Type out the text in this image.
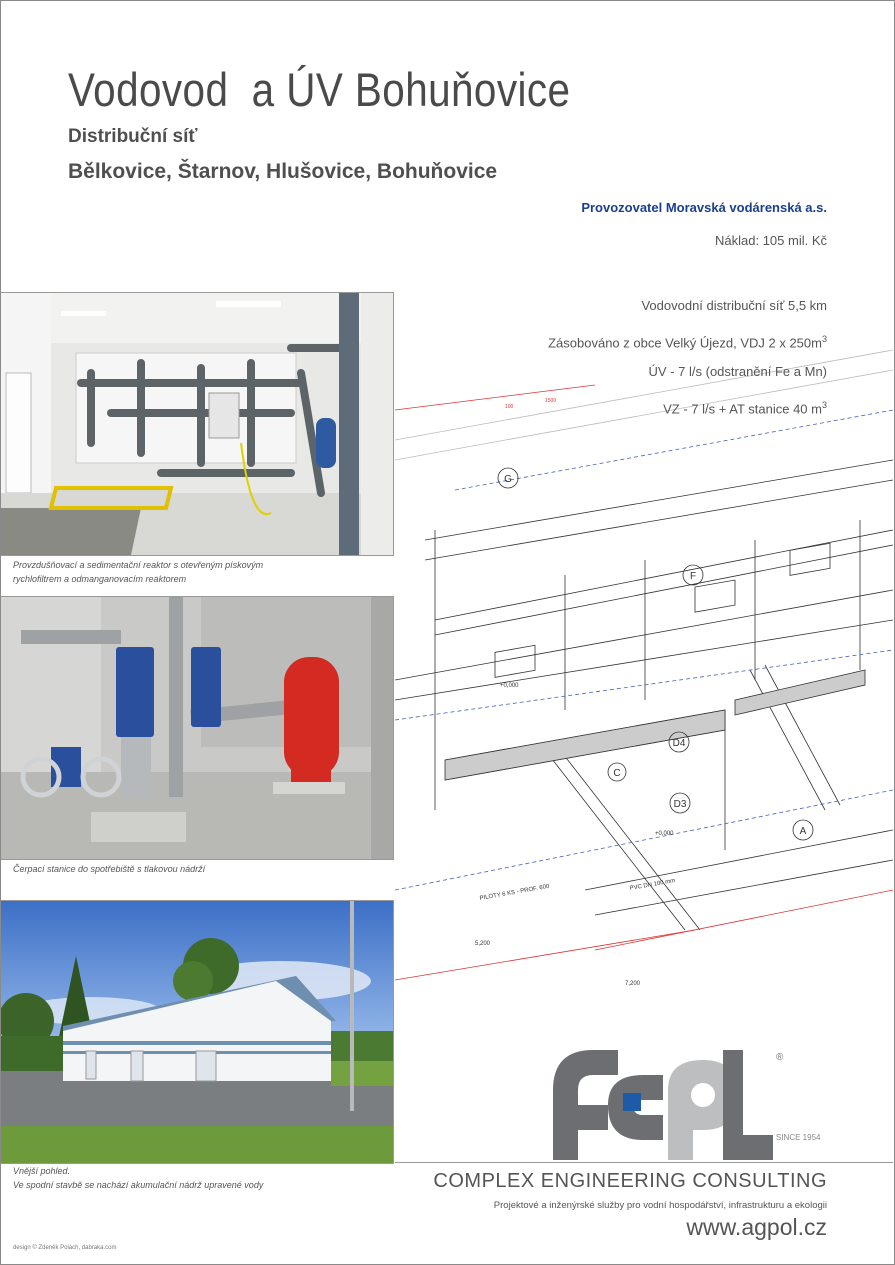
Vodovod  a ÚV Bohuňovice
Distribuční síť
Bělkovice, Štarnov, Hlušovice, Bohuňovice
Provozovatel Moravská vodárenská a.s.
Náklad: 105 mil. Kč
G
F
C
D4
D3
A
PILOTY 6 KS - PROF. 600	PVC DN 100 mm
5,200
7,200
+0,000
+0,000
100
1500
Vodovodní distribuční síť 5,5 km
Zásobováno z obce Velký Újezd, VDJ 2 x $250m^3$
ÚV - 7 l/s (odstranění Fe a Mn)
VZ - 7 l/s + AT stanice 40 $m^3$
Provzdušňovací a sedimentační reaktor s otevřeným pískovým
rychlofiltrem a odmanganovacím reaktorem
Čerpací stanice do spotřebiště s tlakovou nádrží
Vnější pohled.
Ve spodní stavbě se nachází akumulační nádrž upravené vody
®
SINCE 1954
COMPLEX ENGINEERING CONSULTING
Projektové a inženýrské služby pro vodní hospodářství, infrastrukturu a ekologii
www.agpol.cz
design © Zdeněk Polách, dabraka.com
